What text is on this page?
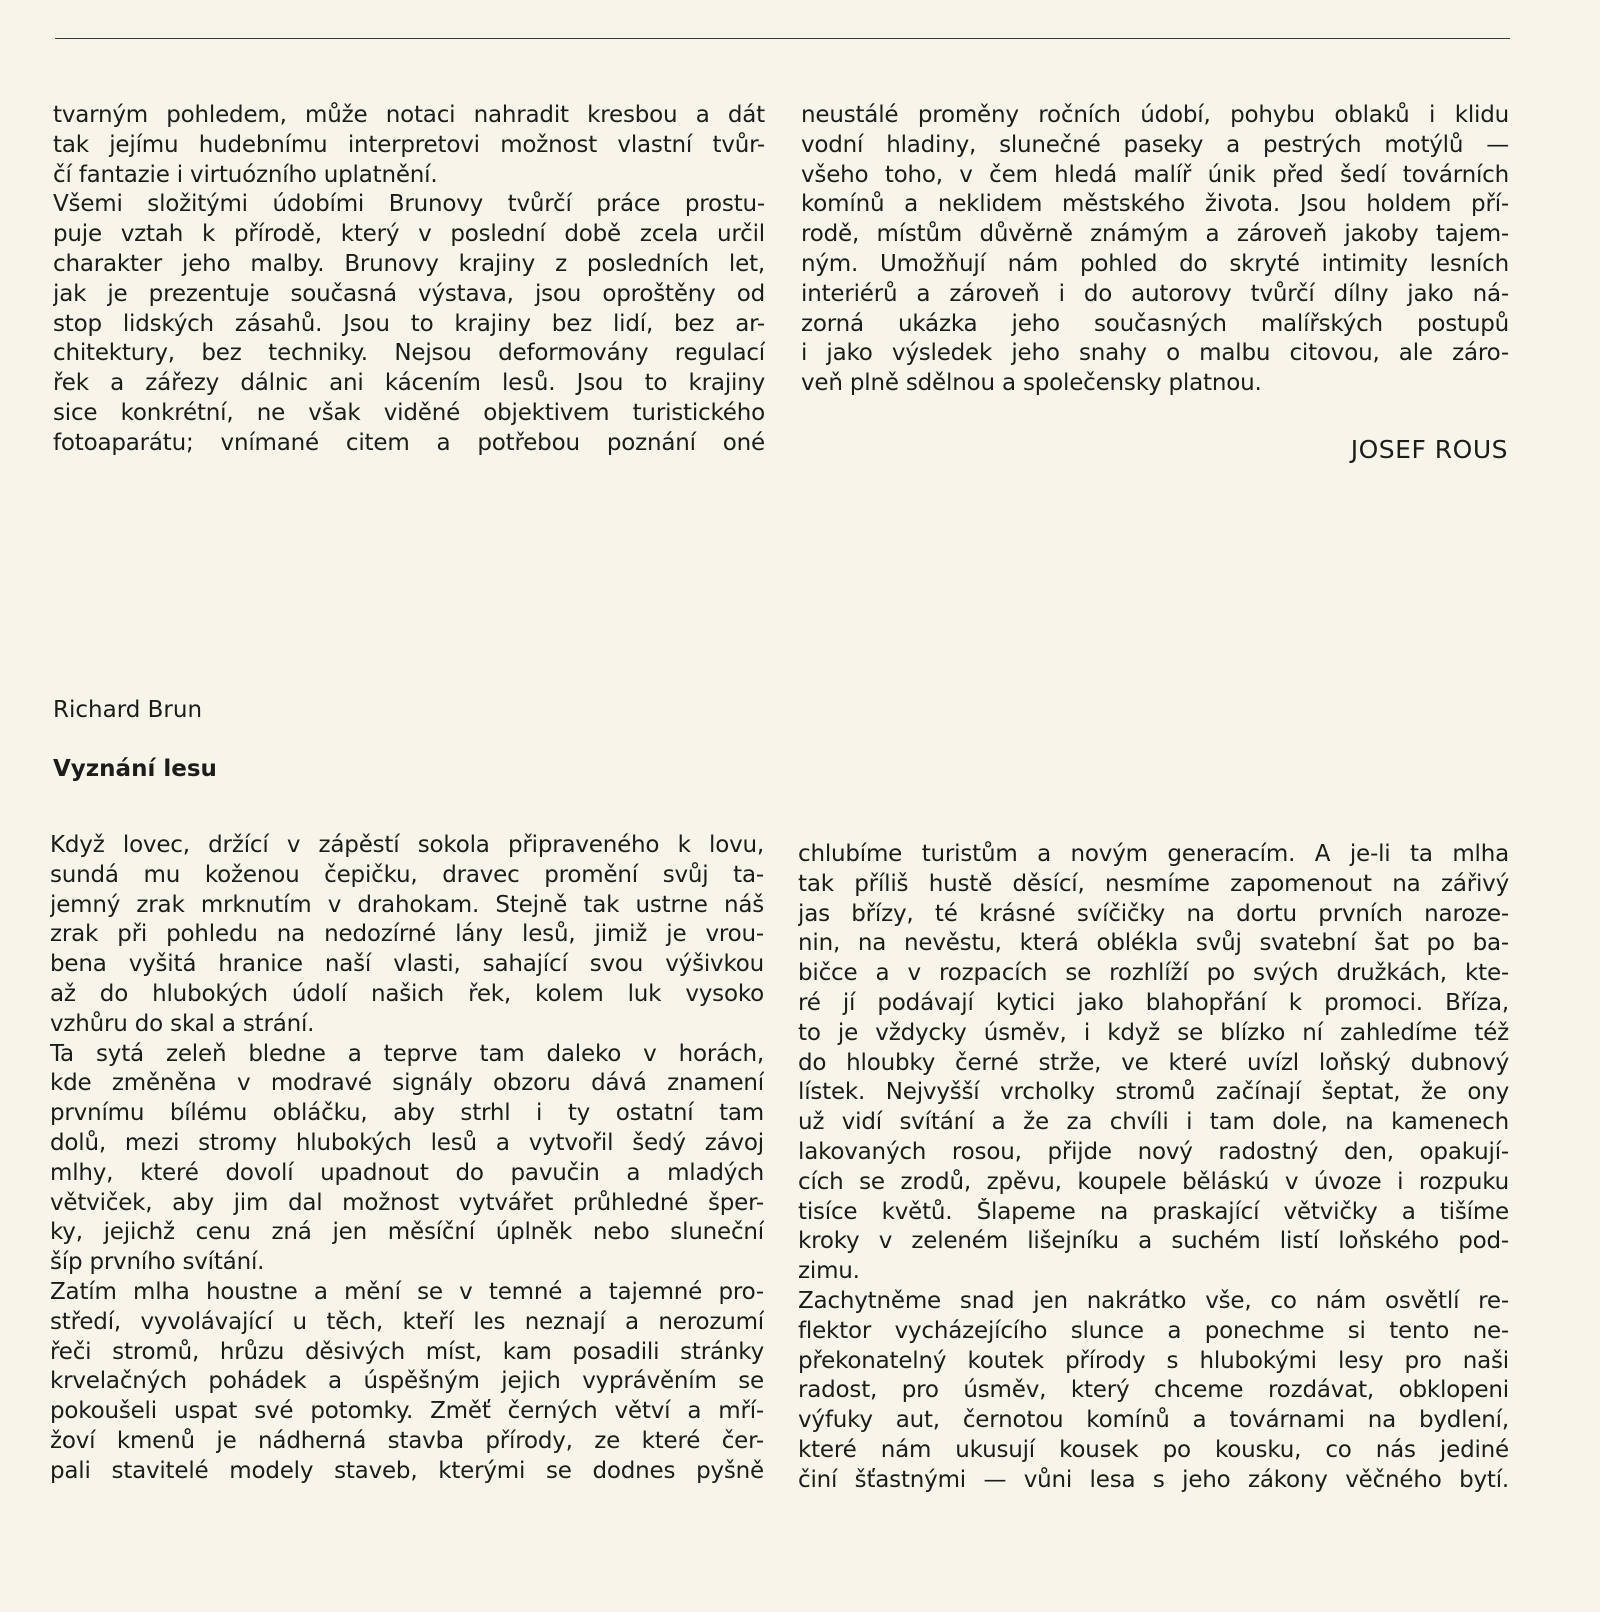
tvarným pohledem, může notaci nahradit kresbou a dát
tak jejímu hudebnímu interpretovi možnost vlastní tvůr-
čí fantazie i virtuózního uplatnění.
Všemi složitými údobími Brunovy tvůrčí práce prostu-
puje vztah k přírodě, který v poslední době zcela určil
charakter jeho malby. Brunovy krajiny z posledních let,
jak je prezentuje současná výstava, jsou oproštěny od
stop lidských zásahů. Jsou to krajiny bez lidí, bez ar-
chitektury, bez techniky. Nejsou deformovány regulací
řek a zářezy dálnic ani kácením lesů. Jsou to krajiny
sice konkrétní, ne však viděné objektivem turistického
fotoaparátu; vnímané citem a potřebou poznání oné
neustálé proměny ročních údobí, pohybu oblaků i klidu
vodní hladiny, slunečné paseky a pestrých motýlů —
všeho toho, v čem hledá malíř únik před šedí továrních
komínů a neklidem městského života. Jsou holdem pří-
rodě, místům důvěrně známým a zároveň jakoby tajem-
ným. Umožňují nám pohled do skryté intimity lesních
interiérů a zároveň i do autorovy tvůrčí dílny jako ná-
zorná ukázka jeho současných malířských postupů
i jako výsledek jeho snahy o malbu citovou, ale záro-
veň plně sdělnou a společensky platnou.
JOSEF ROUS
Richard Brun
Vyznání lesu
Když lovec, držící v zápěstí sokola připraveného k lovu,
sundá mu koženou čepičku, dravec promění svůj ta-
jemný zrak mrknutím v drahokam. Stejně tak ustrne náš
zrak při pohledu na nedozírné lány lesů, jimiž je vrou-
bena vyšitá hranice naší vlasti, sahající svou výšivkou
až do hlubokých údolí našich řek, kolem luk vysoko
vzhůru do skal a strání.
Ta sytá zeleň bledne a teprve tam daleko v horách,
kde změněna v modravé signály obzoru dává znamení
prvnímu bílému obláčku, aby strhl i ty ostatní tam
dolů, mezi stromy hlubokých lesů a vytvořil šedý závoj
mlhy, které dovolí upadnout do pavučin a mladých
větviček, aby jim dal možnost vytvářet průhledné šper-
ky, jejichž cenu zná jen měsíční úplněk nebo sluneční
šíp prvního svítání.
Zatím mlha houstne a mění se v temné a tajemné pro-
středí, vyvolávající u těch, kteří les neznají a nerozumí
řeči stromů, hrůzu děsivých míst, kam posadili stránky
krvelačných pohádek a úspěšným jejich vyprávěním se
pokoušeli uspat své potomky. Změť černých větví a mří-
žoví kmenů je nádherná stavba přírody, ze které čer-
pali stavitelé modely staveb, kterými se dodnes pyšně
chlubíme turistům a novým generacím. A je-li ta mlha
tak příliš hustě děsící, nesmíme zapomenout na zářivý
jas břízy, té krásné svíčičky na dortu prvních naroze-
nin, na nevěstu, která oblékla svůj svatební šat po ba-
bičce a v rozpacích se rozhlíží po svých družkách, kte-
ré jí podávají kytici jako blahopřání k promoci. Bříza,
to je vždycky úsměv, i když se blízko ní zahledíme též
do hloubky černé strže, ve které uvízl loňský dubnový
lístek. Nejvyšší vrcholky stromů začínají šeptat, že ony
už vidí svítání a že za chvíli i tam dole, na kamenech
lakovaných rosou, přijde nový radostný den, opakují-
cích se zrodů, zpěvu, koupele běláskú v úvoze i rozpuku
tisíce květů. Šlapeme na praskající větvičky a tišíme
kroky v zeleném lišejníku a suchém listí loňského pod-
zimu.
Zachytněme snad jen nakrátko vše, co nám osvětlí re-
flektor vycházejícího slunce a ponechme si tento ne-
překonatelný koutek přírody s hlubokými lesy pro naši
radost, pro úsměv, který chceme rozdávat, obklopeni
výfuky aut, černotou komínů a továrnami na bydlení,
které nám ukusují kousek po kousku, co nás jediné
činí šťastnými — vůni lesa s jeho zákony věčného bytí.
